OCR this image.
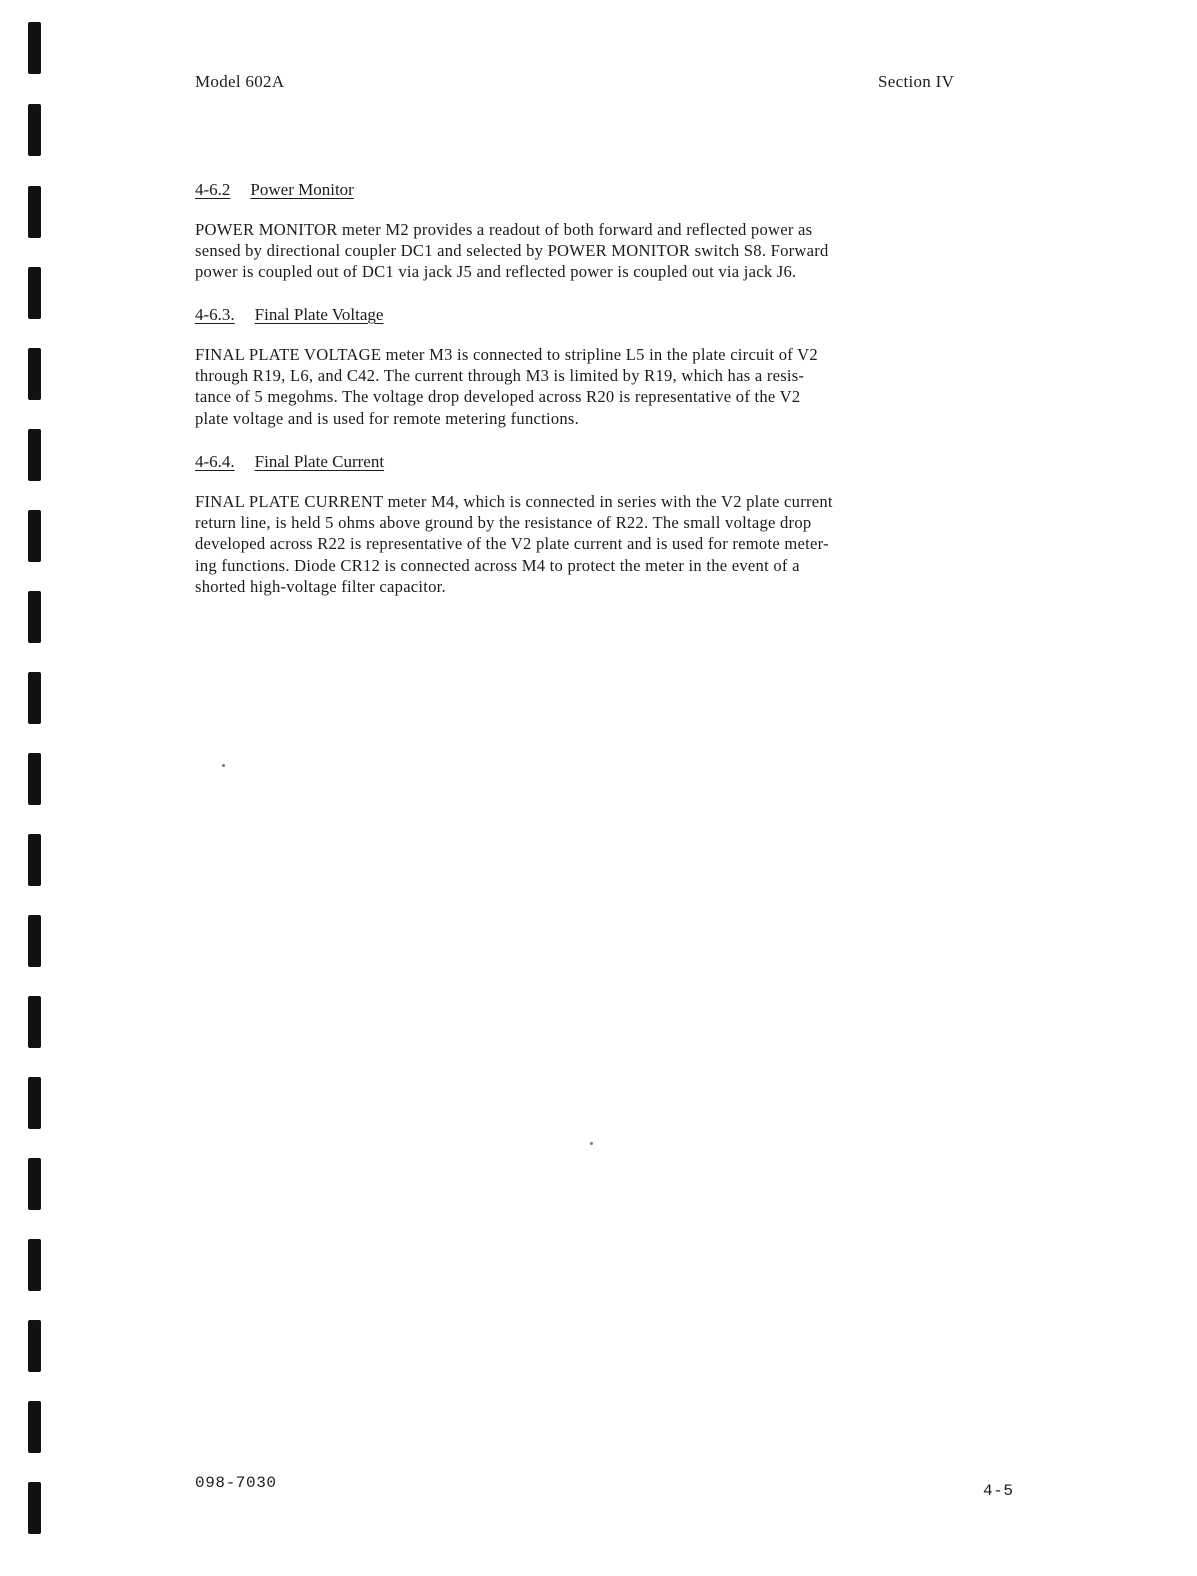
Model 602A	Section IV
4-6.2 Power Monitor

POWER MONITOR meter M2 provides a readout of both forward and reflected power as
sensed by directional coupler DC1 and selected by POWER MONITOR switch S8. Forward
power is coupled out of DC1 via jack J5 and reflected power is coupled out via jack J6.

4-6.3. Final Plate Voltage

FINAL PLATE VOLTAGE meter M3 is connected to stripline L5 in the plate circuit of V2
through R19, L6, and C42. The current through M3 is limited by R19, which has a resis-
tance of 5 megohms. The voltage drop developed across R20 is representative of the V2
plate voltage and is used for remote metering functions.

4-6.4. Final Plate Current

FINAL PLATE CURRENT meter M4, which is connected in series with the V2 plate current
return line, is held 5 ohms above ground by the resistance of R22. The small voltage drop
developed across R22 is representative of the V2 plate current and is used for remote meter-
ing functions. Diode CR12 is connected across M4 to protect the meter in the event of a
shorted high-voltage filter capacitor.

098-7030	4-5
